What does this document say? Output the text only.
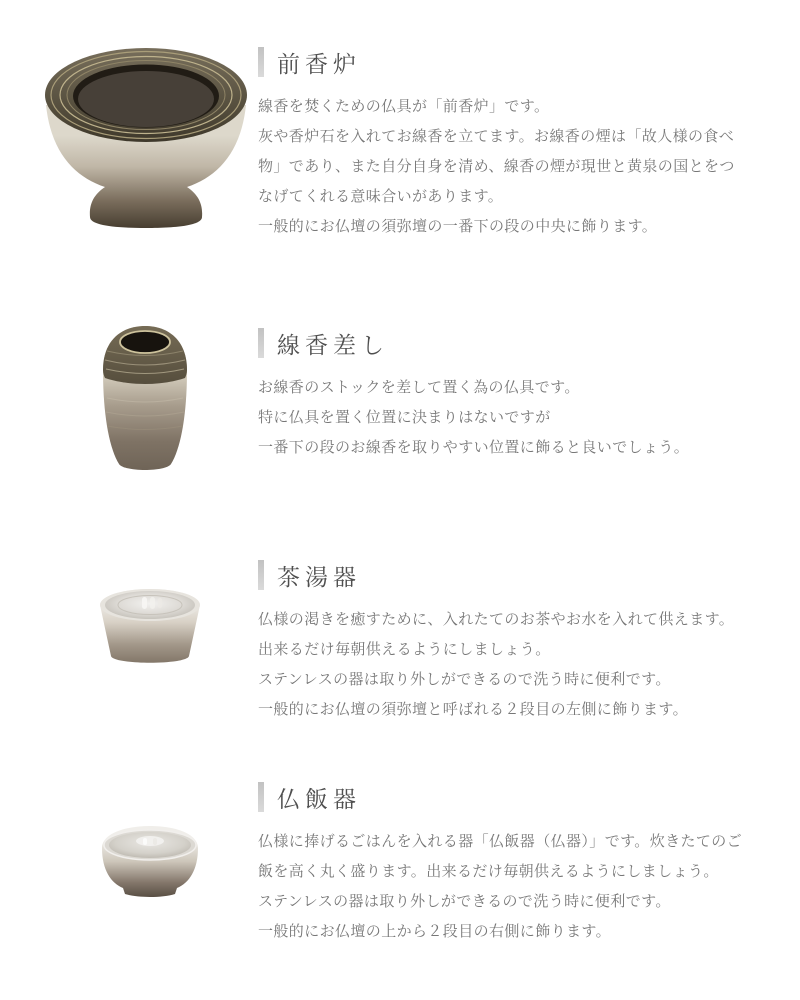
前香炉

線香を焚くための仏具が「前香炉」です。

灰や香炉石を入れてお線香を立てます。お線香の煙は「故人様の食べ物」であり、また自分自身を清め、線香の煙が現世と黄泉の国とをつなげてくれる意味合いがあります。

一般的にお仏壇の須弥壇の一番下の段の中央に飾ります。

線香差し

お線香のストックを差して置く為の仏具です。

特に仏具を置く位置に決まりはないですが

一番下の段のお線香を取りやすい位置に飾ると良いでしょう。

茶湯器

仏様の渇きを癒すために、入れたてのお茶やお水を入れて供えます。

出来るだけ毎朝供えるようにしましょう。

ステンレスの器は取り外しができるので洗う時に便利です。

一般的にお仏壇の須弥壇と呼ばれる２段目の左側に飾ります。

仏飯器

仏様に捧げるごはんを入れる器「仏飯器（仏器）」です。炊きたてのご飯を高く丸く盛ります。出来るだけ毎朝供えるようにしましょう。

ステンレスの器は取り外しができるので洗う時に便利です。

一般的にお仏壇の上から２段目の右側に飾ります。
